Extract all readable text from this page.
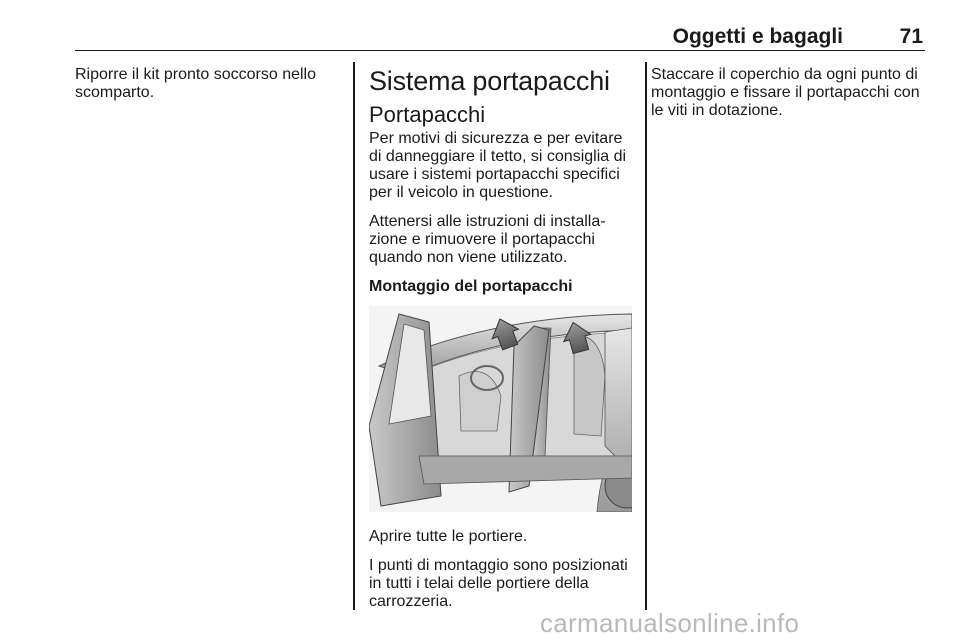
Oggetti e bagagli	71

Riporre il kit pronto soccorso nello scomparto.	Sistema portapacchi
Portapacchi

Per motivi di sicurezza e per evitare di danneggiare il tetto, si consiglia di usare i sistemi portapacchi specifici per il veicolo in questione.

Attenersi alle istruzioni di installa-zione e rimuovere il portapacchi quando non viene utilizzato.

Montaggio del portapacchi

Aprire tutte le portiere.

I punti di montaggio sono posizionati in tutti i telai delle portiere della carrozzeria.

Staccare il coperchio da ogni punto di montaggio e fissare il portapacchi con le viti in dotazione.

carmanualsonline.info
